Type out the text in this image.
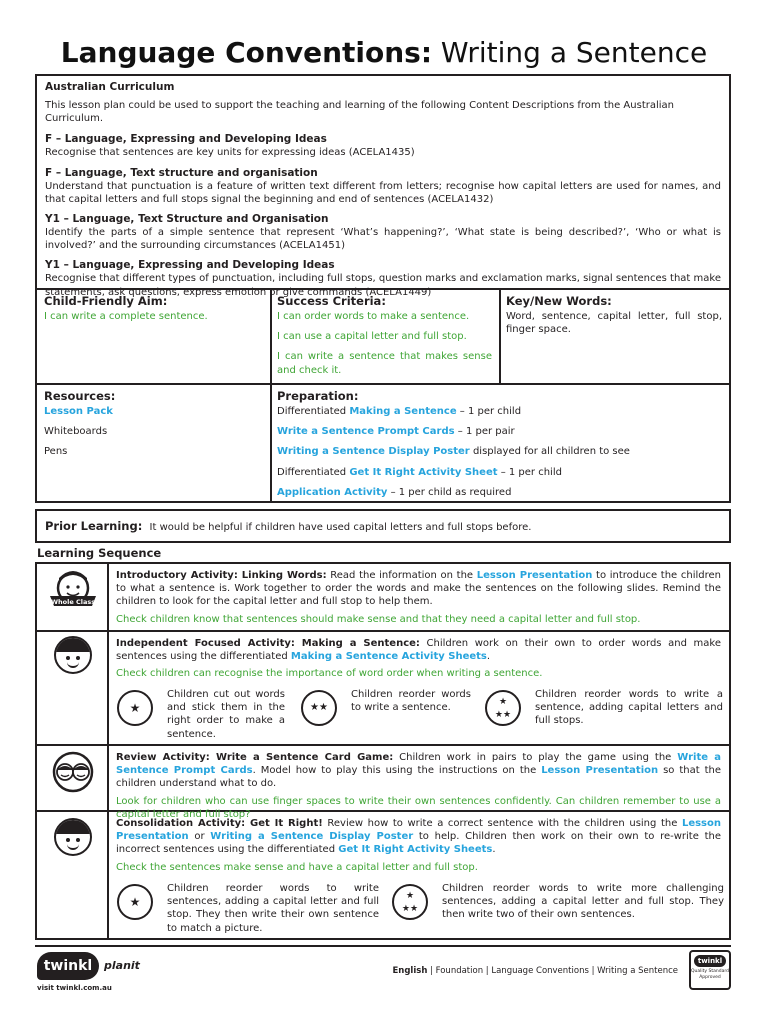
Language Conventions: Writing a Sentence

Australian Curriculum

This lesson plan could be used to support the teaching and learning of the following Content Descriptions from the Australian Curriculum.

F – Language, Expressing and Developing Ideas
Recognise that sentences are key units for expressing ideas (ACELA1435)
F – Language, Text structure and organisation
Understand that punctuation is a feature of written text different from letters; recognise how capital letters are used for names, and that capital letters and full stops signal the beginning and end of sentences (ACELA1432)
Y1 – Language, Text Structure and Organisation
Identify the parts of a simple sentence that represent ‘What’s happening?’, ‘What state is being described?’, ‘Who or what is involved?’ and the surrounding circumstances (ACELA1451)
Y1 – Language, Expressing and Developing Ideas
Recognise that different types of punctuation, including full stops, question marks and exclamation marks, signal sentences that make statements, ask questions, express emotion or give commands (ACELA1449)

Child-Friendly Aim:

I can write a complete sentence.

Success Criteria:

I can order words to make a sentence.

I can use a capital letter and full stop.

I can write a sentence that makes sense and check it.

Key/New Words:

Word, sentence, capital letter, full stop, finger space.

Resources:

Lesson Pack

Whiteboards

Pens

Preparation:

Differentiated Making a Sentence – 1 per child

Write a Sentence Prompt Cards – 1 per pair

Writing a Sentence Display Poster displayed for all children to see

Differentiated Get It Right Activity Sheet – 1 per child

Application Activity – 1 per child as required

Prior Learning: It would be helpful if children have used capital letters and full stops before.
Learning Sequence
Whole Class

Introductory Activity: Linking Words: Read the information on the Lesson Presentation to introduce the children to what a sentence is. Work together to order the words and make the sentences on the following slides. Remind the children to look for the capital letter and full stop to help them.

Check children know that sentences should make sense and that they need a capital letter and full stop.

Independent Focused Activity: Making a Sentence: Children work on their own to order words and make sentences using the differentiated Making a Sentence Activity Sheets.

Check children can recognise the importance of word order when writing a sentence.

★
Children cut out words and stick them in the right order to make a sentence.
★★
Children reorder words to write a sentence.
★
★★
Children reorder words to write a sentence, adding capital letters and full stops.

Review Activity: Write a Sentence Card Game: Children work in pairs to play the game using the Write a Sentence Prompt Cards. Model how to play this using the instructions on the Lesson Presentation so that the children understand what to do.

Look for children who can use finger spaces to write their own sentences confidently. Can children remember to use a capital letter and full stop?

Consolidation Activity: Get It Right! Review how to write a correct sentence with the children using the Lesson Presentation or Writing a Sentence Display Poster to help. Children then work on their own to re-write the incorrect sentences using the differentiated Get It Right Activity Sheets.

Check the sentences make sense and have a capital letter and full stop.

★
Children reorder words to write sentences, adding a capital letter and full stop. They then write their own sentence to match a picture.
★
★★
Children reorder words to write more challenging sentences, adding a capital letter and full stop. They then write two of their own sentences.
twinkl	planit
visit twinkl.com.au
English | Foundation | Language Conventions | Writing a Sentence
twinkl
Quality Standard Approved
